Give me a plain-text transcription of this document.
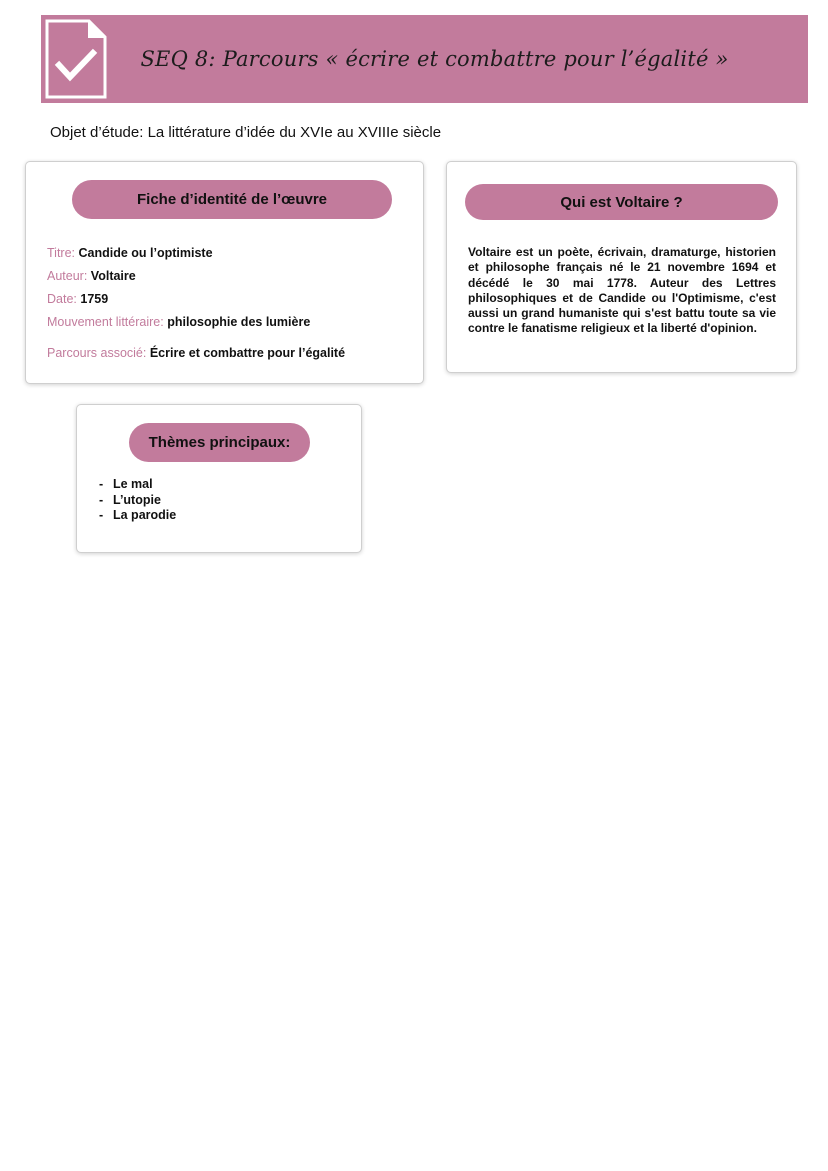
SEQ 8: Parcours « écrire et combattre pour l’égalité »
Objet d’étude: La littérature d’idée du XVIe au XVIIIe siècle
Fiche d’identité de l’œuvre
Titre: Candide ou l’optimiste
Auteur: Voltaire
Date: 1759
Mouvement littéraire: philosophie des lumière
Parcours associé: Écrire et combattre pour l’égalité
Qui est Voltaire ?
Voltaire est un poète, écrivain, dramaturge, historien et philosophe français né le 21 novembre 1694 et décédé le 30 mai 1778. Auteur des Lettres philosophiques et de Candide ou l'Optimisme, c'est aussi un grand humaniste qui s'est battu toute sa vie contre le fanatisme religieux et la liberté d'opinion.
Thèmes principaux:
- Le mal
- L’utopie
- La parodie
